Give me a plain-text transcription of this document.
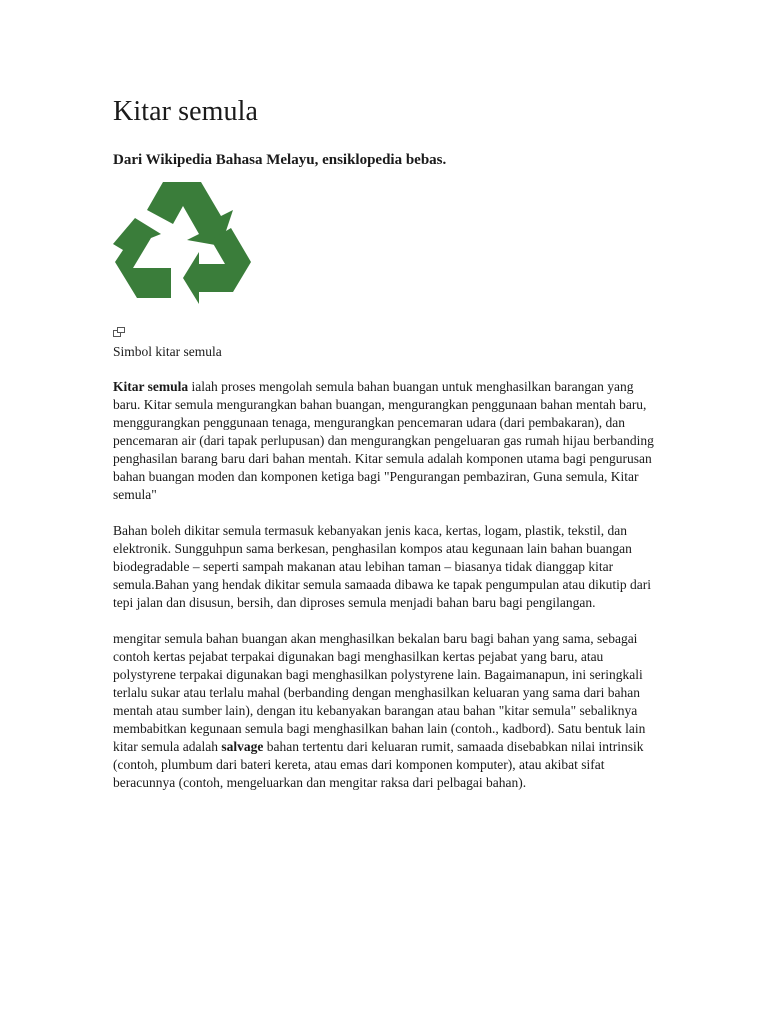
Kitar semula
Dari Wikipedia Bahasa Melayu, ensiklopedia bebas.
Simbol kitar semula

Kitar semula ialah proses mengolah semula bahan buangan untuk menghasilkan barangan yang baru. Kitar semula mengurangkan bahan buangan, mengurangkan penggunaan bahan mentah baru, menggurangkan penggunaan tenaga, mengurangkan pencemaran udara (dari pembakaran), dan pencemaran air (dari tapak perlupusan) dan mengurangkan pengeluaran gas rumah hijau berbanding penghasilan barang baru dari bahan mentah. Kitar semula adalah komponen utama bagi pengurusan bahan buangan moden dan komponen ketiga bagi "Pengurangan pembaziran, Guna semula, Kitar semula"

Bahan boleh dikitar semula termasuk kebanyakan jenis kaca, kertas, logam, plastik, tekstil, dan elektronik. Sungguhpun sama berkesan, penghasilan kompos atau kegunaan lain bahan buangan biodegradable – seperti sampah makanan atau lebihan taman – biasanya tidak dianggap kitar semula.Bahan yang hendak dikitar semula samaada dibawa ke tapak pengumpulan atau dikutip dari tepi jalan dan disusun, bersih, dan diproses semula menjadi bahan baru bagi pengilangan.

mengitar semula bahan buangan akan menghasilkan bekalan baru bagi bahan yang sama, sebagai contoh kertas pejabat terpakai digunakan bagi menghasilkan kertas pejabat yang baru, atau polystyrene terpakai digunakan bagi menghasilkan polystyrene lain. Bagaimanapun, ini seringkali terlalu sukar atau terlalu mahal (berbanding dengan menghasilkan keluaran yang sama dari bahan mentah atau sumber lain), dengan itu kebanyakan barangan atau bahan "kitar semula" sebaliknya membabitkan kegunaan semula bagi menghasilkan bahan lain (contoh., kadbord). Satu bentuk lain kitar semula adalah salvage bahan tertentu dari keluaran rumit, samaada disebabkan nilai intrinsik (contoh, plumbum dari bateri kereta, atau emas dari komponen komputer), atau akibat sifat beracunnya (contoh, mengeluarkan dan mengitar raksa dari pelbagai bahan).
